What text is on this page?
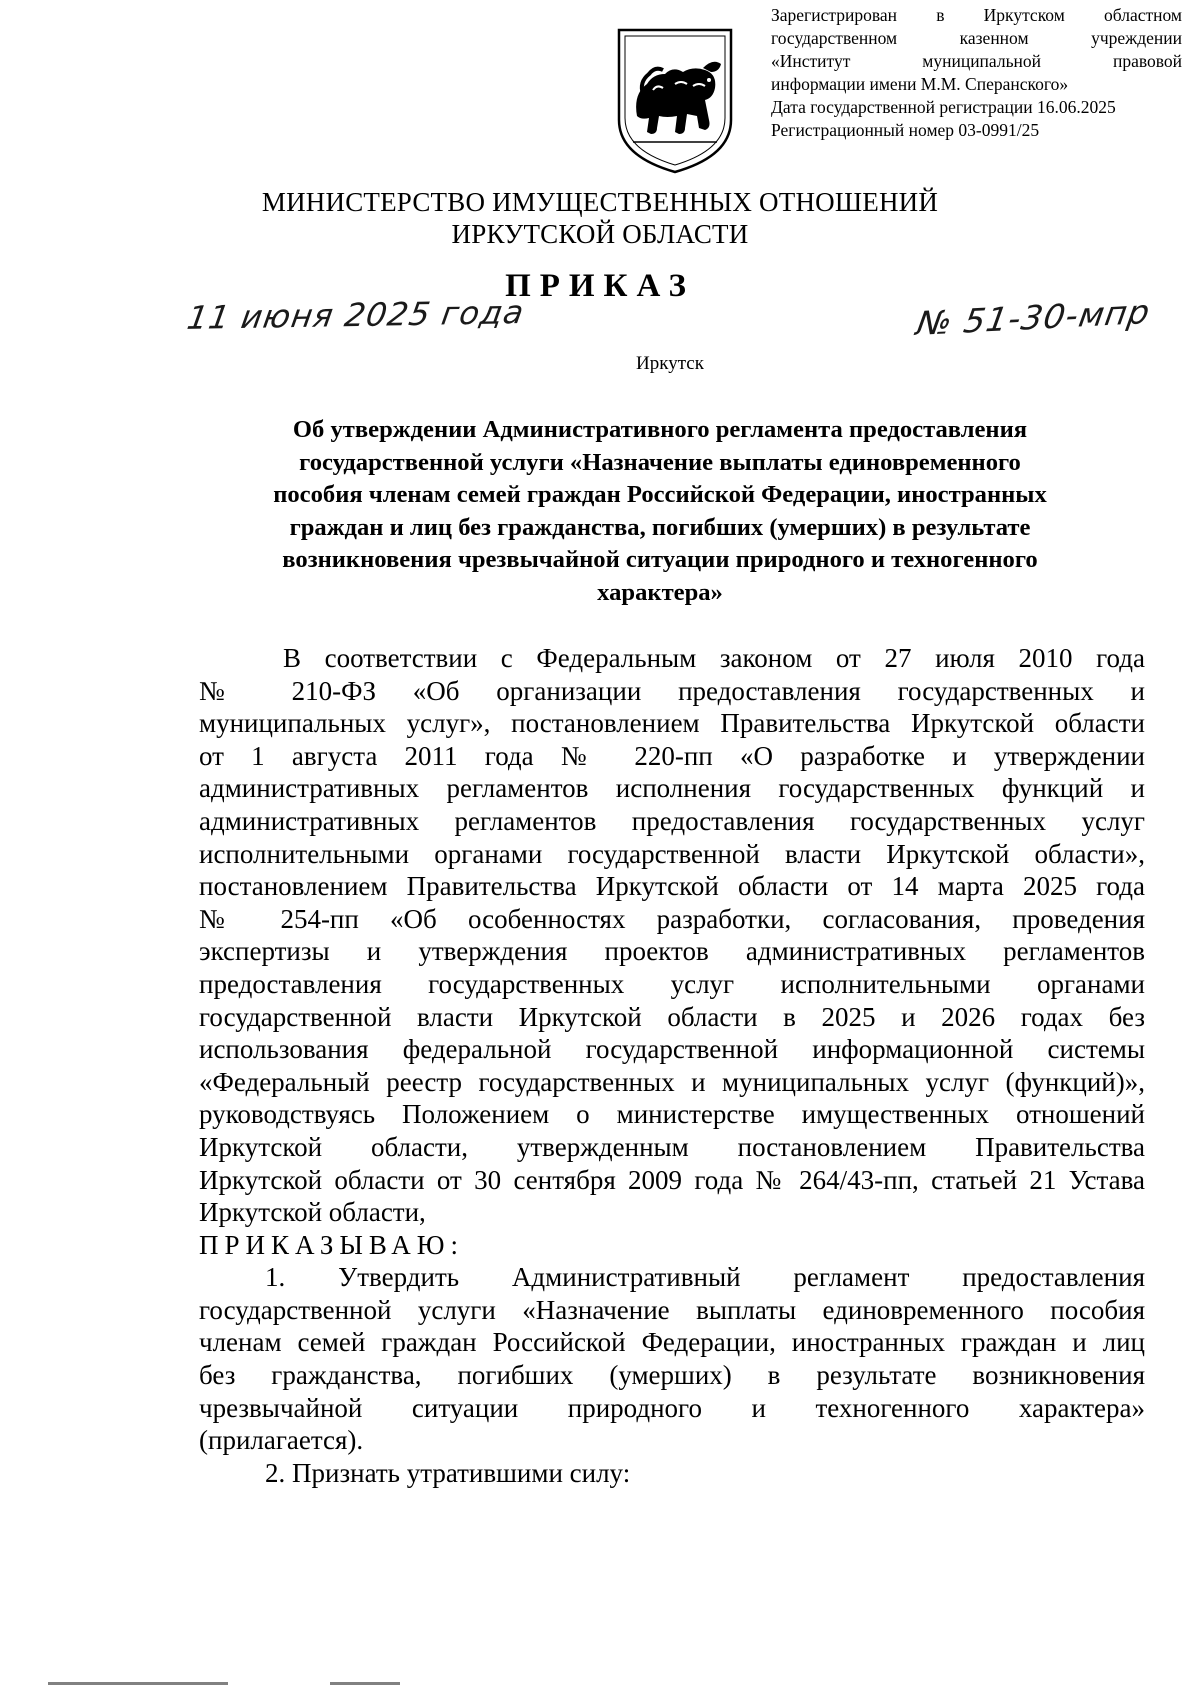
Зарегистрирован в Иркутском областном
государственном казенном учреждении
«Институт муниципальной правовой
информации имени М.М. Сперанского»
Дата государственной регистрации 16.06.2025
Регистрационный номер 03-0991/25
МИНИСТЕРСТВО ИМУЩЕСТВЕННЫХ ОТНОШЕНИЙ
ИРКУТСКОЙ ОБЛАСТИ
ПРИКАЗ
11 июня 2025 года	№ 51-30-мпр
Иркутск
Об утверждении Административного регламента предоставления
государственной услуги «Назначение выплаты единовременного
пособия членам семей граждан Российской Федерации, иностранных
граждан и лиц без гражданства, погибших (умерших) в результате
возникновения чрезвычайной ситуации природного и техногенного
характера»
В соответствии с Федеральным законом от 27 июля 2010 года
№ 210-ФЗ «Об организации предоставления государственных и
муниципальных услуг», постановлением Правительства Иркутской области
от 1 августа 2011 года № 220-пп «О разработке и утверждении
административных регламентов исполнения государственных функций и
административных регламентов предоставления государственных услуг
исполнительными органами государственной власти Иркутской области»,
постановлением Правительства Иркутской области от 14 марта 2025 года
№ 254-пп «Об особенностях разработки, согласования, проведения
экспертизы и утверждения проектов административных регламентов
предоставления государственных услуг исполнительными органами
государственной власти Иркутской области в 2025 и 2026 годах без
использования федеральной государственной информационной системы
«Федеральный реестр государственных и муниципальных услуг (функций)»,
руководствуясь Положением о министерстве имущественных отношений
Иркутской области, утвержденным постановлением Правительства
Иркутской области от 30 сентября 2009 года № 264/43-пп, статьей 21 Устава
Иркутской области,
ПРИКАЗЫВАЮ:
1. Утвердить Административный регламент предоставления
государственной услуги «Назначение выплаты единовременного пособия
членам семей граждан Российской Федерации, иностранных граждан и лиц
без гражданства, погибших (умерших) в результате возникновения
чрезвычайной ситуации природного и техногенного характера»
(прилагается).
2. Признать утратившими силу:
